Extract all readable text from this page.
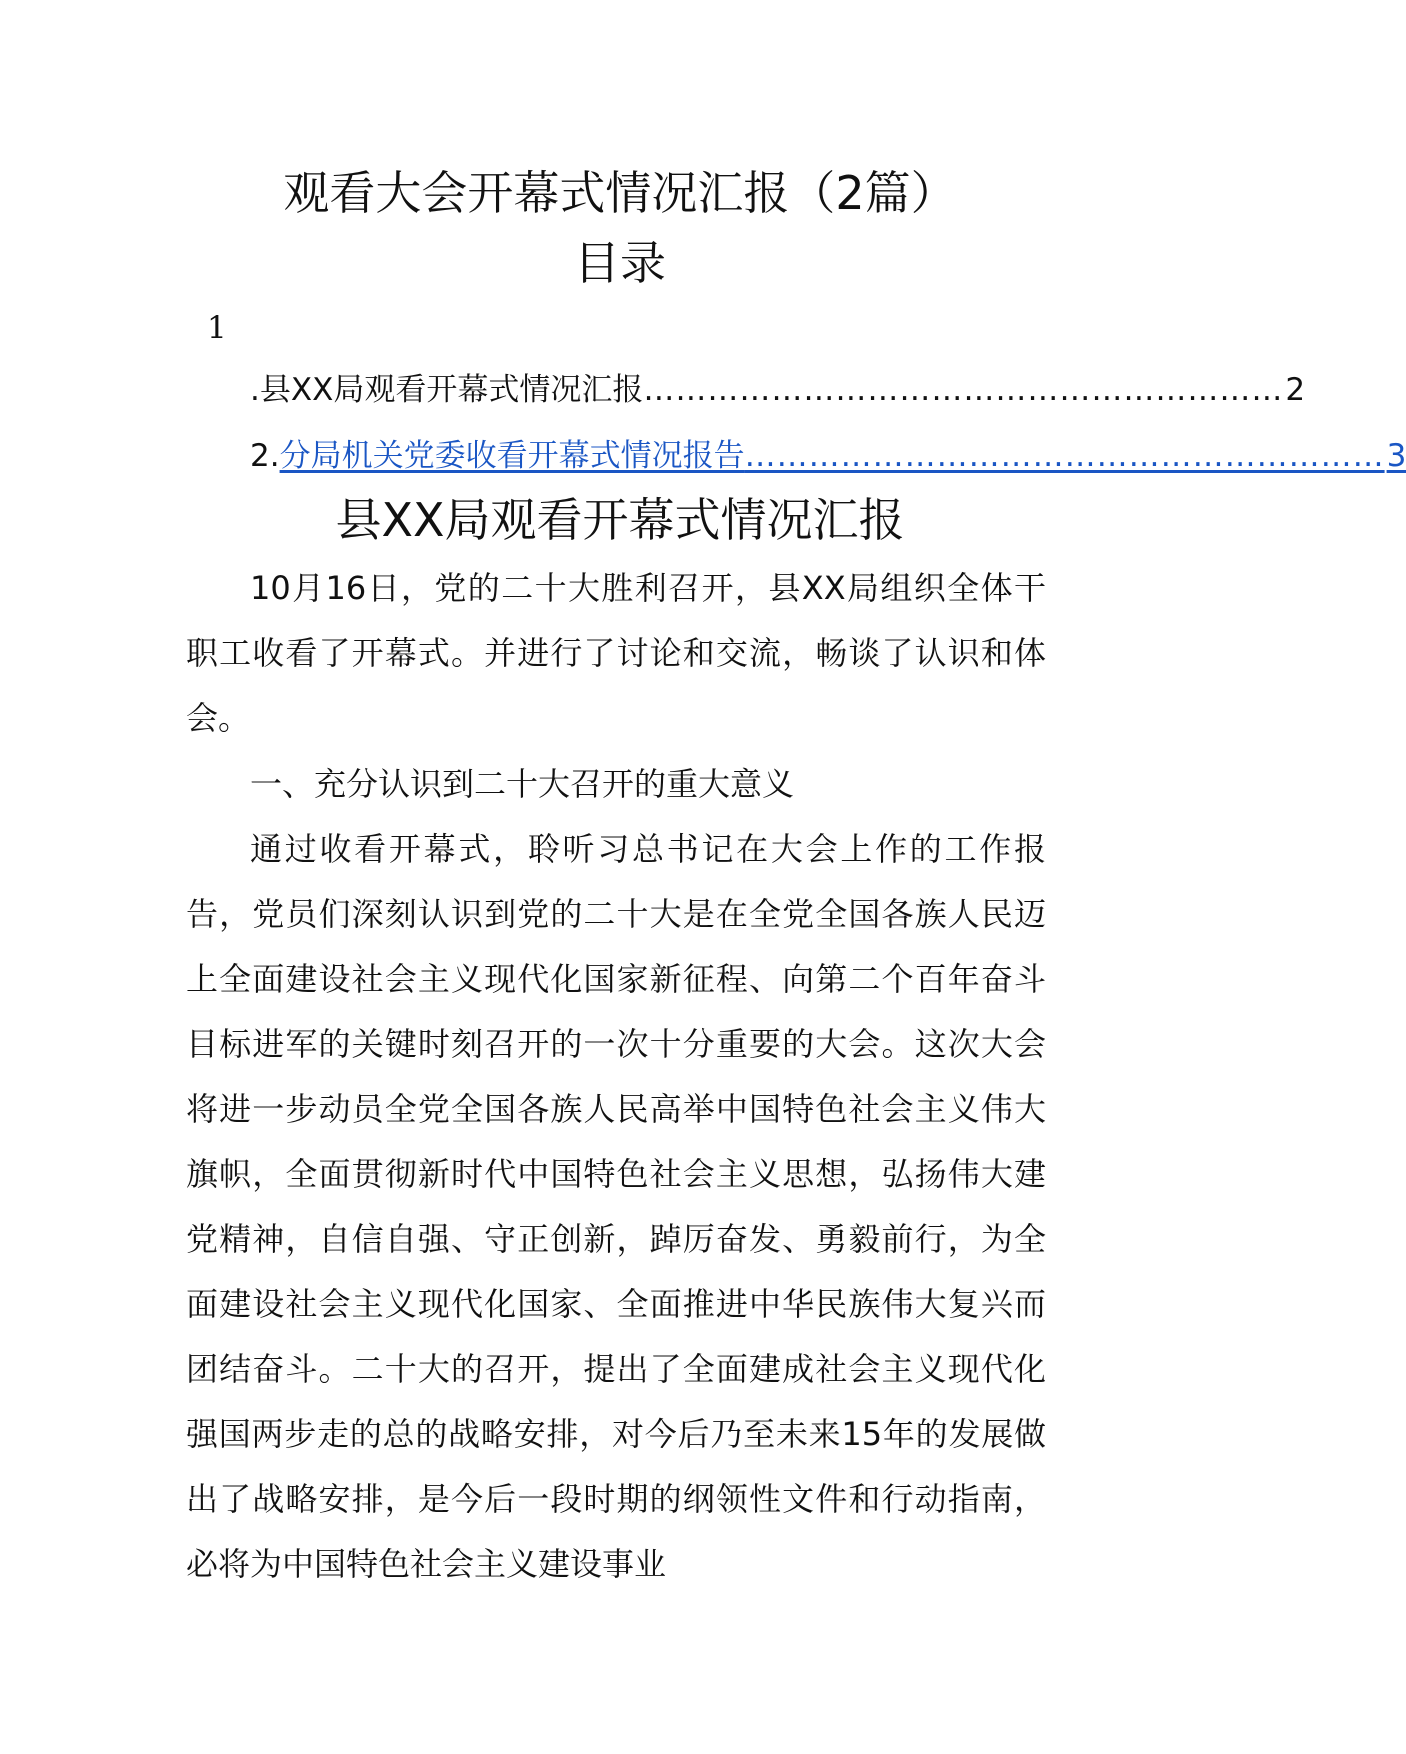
观看大会开幕式情况汇报（2篇）
目录
1
.县XX局观看开幕式情况汇报 …………………………………………………… 2
2. 分局机关党委收看开幕式情况报告 …………………………………………………… 3
县XX局观看开幕式情况汇报

10月16日，党的二十大胜利召开，县XX局组织全体干职工收看了开幕式。并进行了讨论和交流，畅谈了认识和体会。

一、充分认识到二十大召开的重大意义

通过收看开幕式，聆听习总书记在大会上作的工作报告，党员们深刻认识到党的二十大是在全党全国各族人民迈上全面建设社会主义现代化国家新征程、向第二个百年奋斗目标进军的关键时刻召开的一次十分重要的大会。这次大会将进一步动员全党全国各族人民高举中国特色社会主义伟大旗帜，全面贯彻新时代中国特色社会主义思想，弘扬伟大建党精神，自信自强、守正创新，踔厉奋发、勇毅前行，为全面建设社会主义现代化国家、全面推进中华民族伟大复兴而团结奋斗。二十大的召开，提出了全面建成社会主义现代化强国两步走的总的战略安排，对今后乃至未来15年的发展做出了战略安排，是今后一段时期的纲领性文件和行动指南，必将为中国特色社会主义建设事业
